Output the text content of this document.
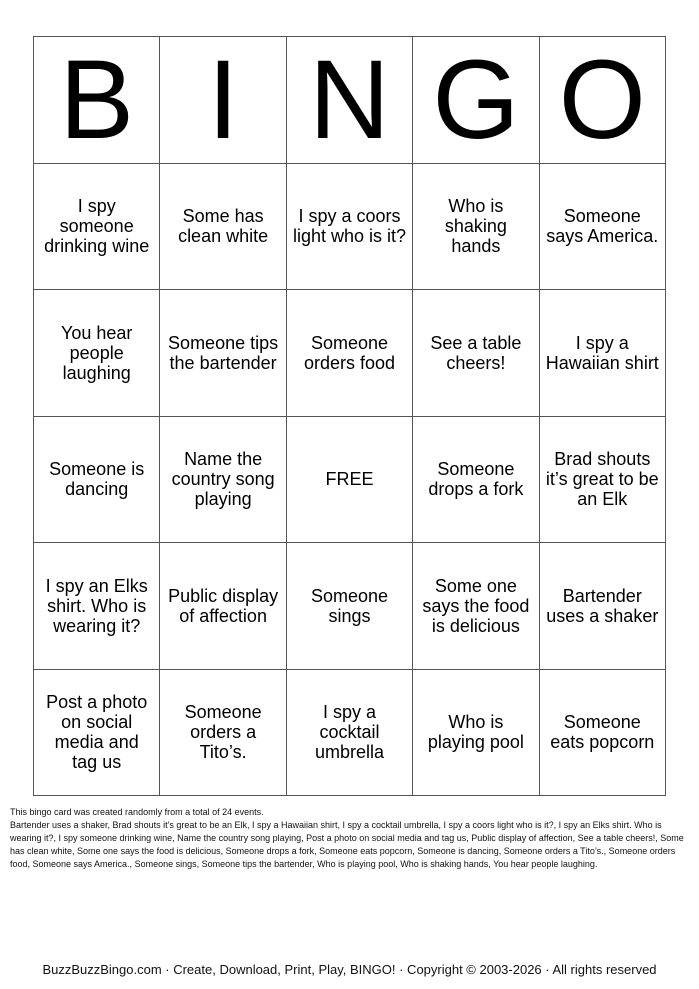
B I N G O
I spy someone drinking wine
Some has clean white
I spy a coors light who is it?
Who is shaking hands
Someone says America.
You hear people laughing
Someone tips the bartender
Someone orders food
See a table cheers!
I spy a Hawaiian shirt
Someone is dancing
Name the country song playing
FREE	Someone drops a fork
Brad shouts it’s great to be an Elk
I spy an Elks shirt. Who is wearing it?
Public display of affection
Someone sings
Some one says the food is delicious
Bartender uses a shaker
Post a photo on social media and tag us
Someone orders a Tito’s.
I spy a cocktail umbrella
Who is playing pool
Someone eats popcorn

This bingo card was created randomly from a total of 24 events.

Bartender uses a shaker, Brad shouts it’s great to be an Elk, I spy a Hawaiian shirt, I spy a cocktail umbrella, I spy a coors light who is it?, I spy an Elks shirt. Who is wearing it?, I spy someone drinking wine, Name the country song playing, Post a photo on social media and tag us, Public display of affection, See a table cheers!, Some has clean white, Some one says the food is delicious, Someone drops a fork, Someone eats popcorn, Someone is dancing, Someone orders a Tito’s., Someone orders food, Someone says America., Someone sings, Someone tips the bartender, Who is playing pool, Who is shaking hands, You hear people laughing.

BuzzBuzzBingo.com · Create, Download, Print, Play, BINGO! · Copyright © 2003-2026 · All rights reserved
